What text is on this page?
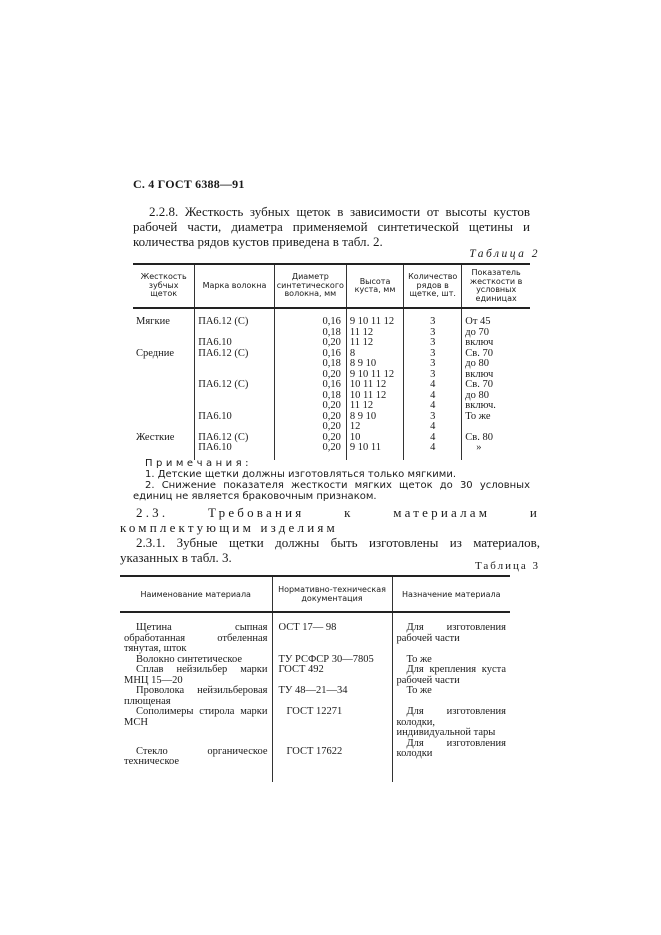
С. 4 ГОСТ 6388—91
2.2.8. Жесткость зубных щеток в зависимости от высоты кустов рабочей части, диаметра применяемой синтетической щетины и количества рядов кустов приведена в табл. 2.
Таблица 2
Жесткость зубчых щеток	Марка волокна	Диаметр синтетического волокна, мм	Высота куста, мм	Количество рядов в щетке, шт.	Показатель жесткости в условных единицах
Мягкие	ПА6.12 (С)	0,16	9 10 11 12	3	От 45
		0,18	11 12	3	до 70
	ПА6.10	0,20	11 12	3	включ
Средние	ПА6.12 (С)	0,16	8	3	Св. 70
		0,18	8 9 10	3	до 80
		0,20	9 10 11 12	3	включ
	ПА6.12 (С)	0,16	10 11 12	4	Св. 70
		0,18	10 11 12	4	до 80
		0,20	11 12	4	включ.
	ПА6.10	0,20	8 9 10	3	То же
		0,20	12	4	
Жесткие	ПА6.12 (С)	0,20	10	4	Св. 80
	ПА6.10	0,20	9 10 11	4	»
Примечания:
1. Детские щетки должны изготовляться только мягкими.
2. Снижение показателя жесткости мягких щеток до 30 условных единиц не является браковочным признаком.
2.3. Требования к материалам и комплектующим изделиям
2.3.1. Зубные щетки должны быть изготовлены из материалов, указанных в табл. 3.
Таблица 3
Наименование материала	Нормативно-техническая документация	Назначение материала
Щетина сыпная обработанная отбеленная тянутая, шток	ОСТ 17— 98	Для изготовления рабочей части
Волокно синтетическое	ТУ РСФСР 30—7805	То же
Сплав нейзильбер марки МНЦ 15—20	ГОСТ 492	Для крепления куста рабочей части
Проволока нейзильберовая плющеная	ТУ 48—21—34	То же
Сополимеры стирола марки МСН	ГОСТ 12271	Для изготовления колодки, индивидуальной тары
Стекло органическое техническое	ГОСТ 17622	Для изготовления колодки
